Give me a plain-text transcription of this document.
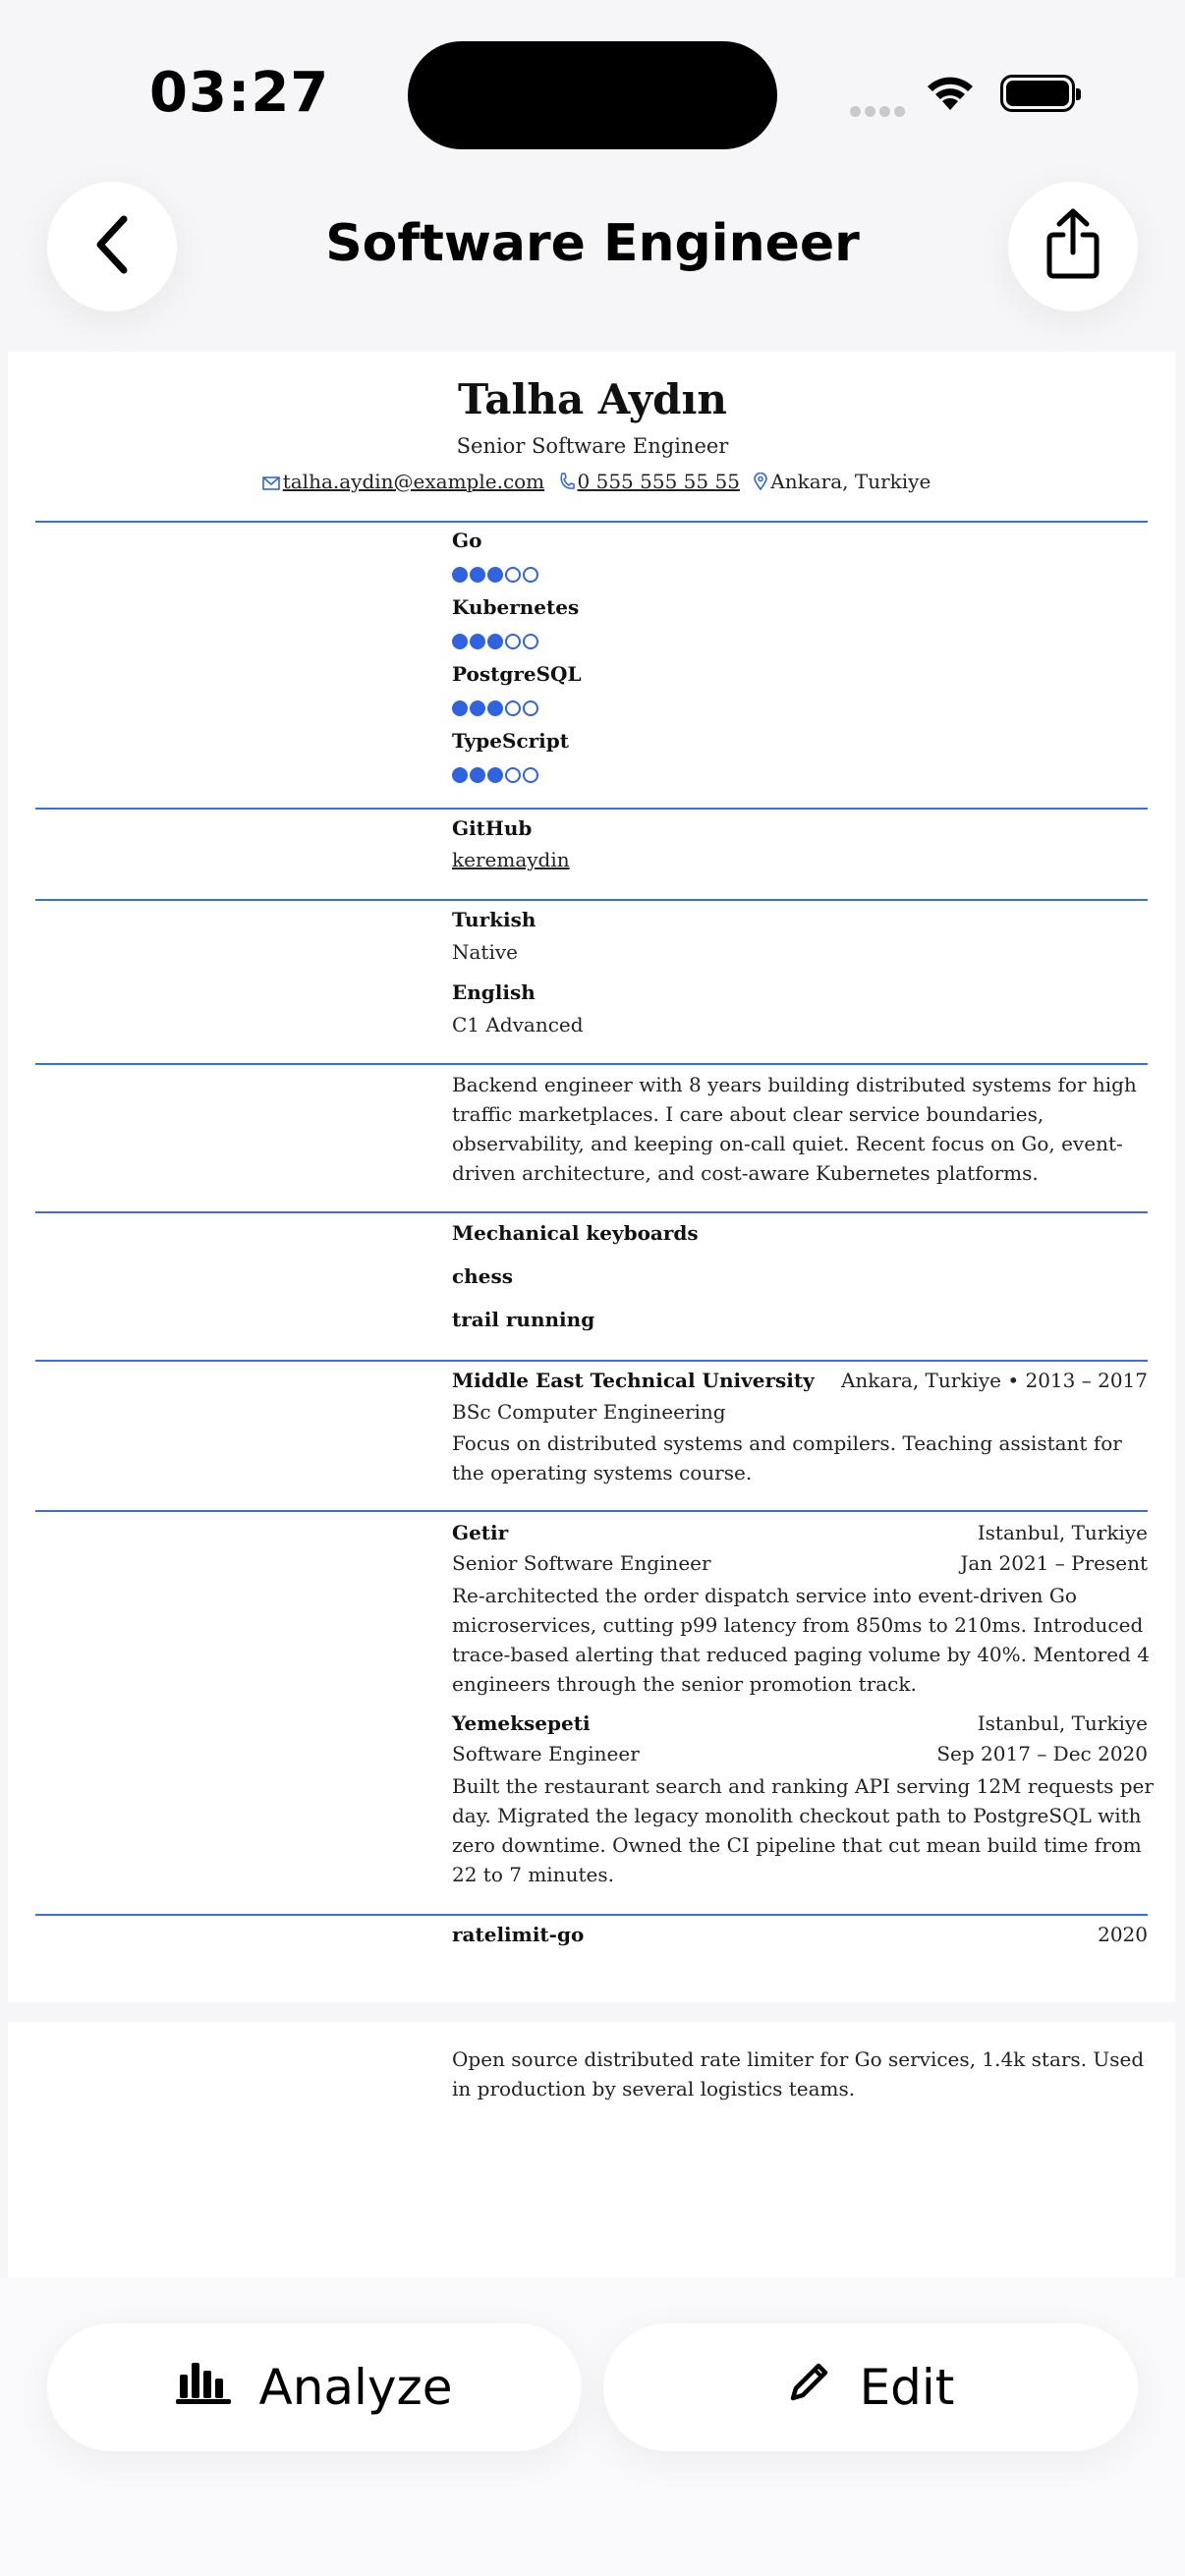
03:27
Software Engineer
Talha Aydın
Senior Software Engineer
talha.aydin@example.com 0 555 555 55 55 Ankara, Turkiye
Go
Kubernetes
PostgreSQL
TypeScript
GitHub
keremaydin
Turkish
Native
English
C1 Advanced
Backend engineer with 8 years building distributed systems for high traffic marketplaces. I care about clear service boundaries, observability, and keeping on-call quiet. Recent focus on Go, event-driven architecture, and cost-aware Kubernetes platforms.
Mechanical keyboards
chess
trail running
Middle East Technical University Ankara, Turkiye • 2013 – 2017
BSc Computer Engineering
Focus on distributed systems and compilers. Teaching assistant for the operating systems course.
Getir	Istanbul, Turkiye
Senior Software Engineer	Jan 2021 – Present
Re-architected the order dispatch service into event-driven Go microservices, cutting p99 latency from 850ms to 210ms. Introduced trace-based alerting that reduced paging volume by 40%. Mentored 4 engineers through the senior promotion track.
Yemeksepeti	Istanbul, Turkiye
Software Engineer	Sep 2017 – Dec 2020
Built the restaurant search and ranking API serving 12M requests per day. Migrated the legacy monolith checkout path to PostgreSQL with zero downtime. Owned the CI pipeline that cut mean build time from 22 to 7 minutes.
ratelimit-go	2020
Open source distributed rate limiter for Go services, 1.4k stars. Used in production by several logistics teams.
Analyze	Edit
